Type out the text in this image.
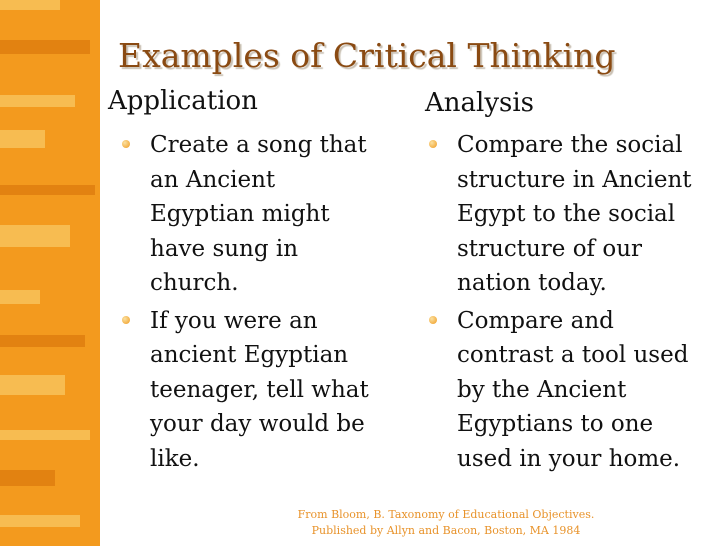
Examples of Critical Thinking
Application
Create a song that an Ancient Egyptian might have sung in church.
If you were an ancient Egyptian teenager, tell what your day would be like.
Analysis
Compare the social structure in Ancient Egypt to the social structure of our nation today.
Compare and contrast a tool used by the Ancient Egyptians to one used in your home.
From Bloom, B. Taxonomy of Educational Objectives.
Published by Allyn and Bacon, Boston, MA 1984
